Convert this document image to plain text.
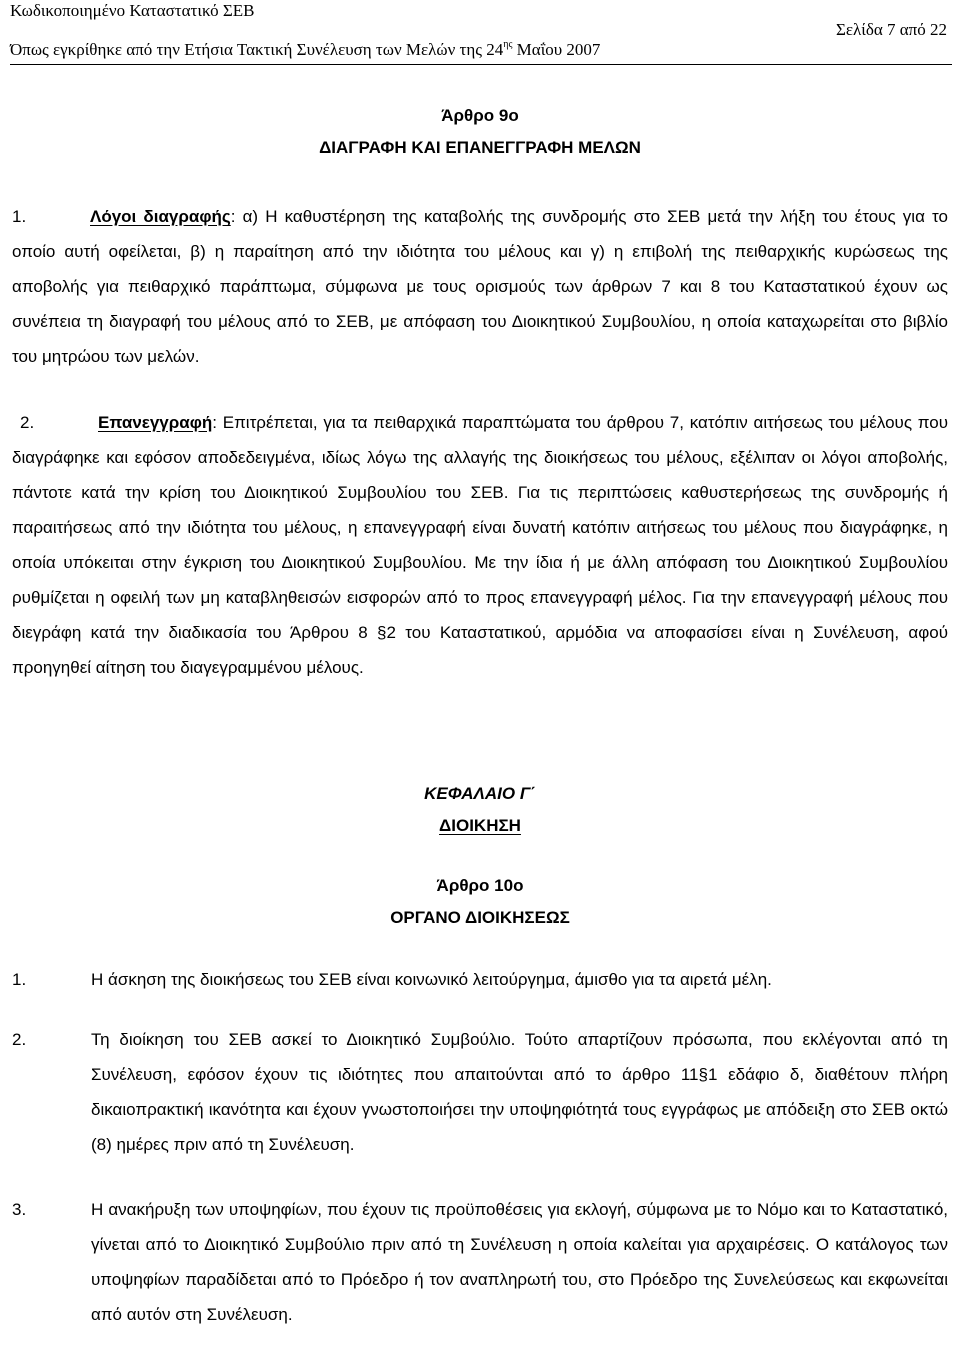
Κωδικοποιημένο Καταστατικό ΣΕΒ
Σελίδα 7 από 22
Όπως εγκρίθηκε από την Ετήσια Τακτική Συνέλευση των Μελών της $24^{\eta\varsigma}$ Μαΐου 2007
Άρθρο 9ο
ΔΙΑΓΡΑΦΗ ΚΑΙ ΕΠΑΝΕΓΓΡΑΦΗ ΜΕΛΩΝ
1.	Λόγοι διαγραφής: α) Η καθυστέρηση της καταβολής της συνδρομής στο ΣΕΒ μετά την λήξη του έτους για το οποίο αυτή οφείλεται, β) η παραίτηση από την ιδιότητα του μέλους και γ) η επιβολή της πειθαρχικής κυρώσεως της αποβολής για πειθαρχικό παράπτωμα, σύμφωνα με τους ορισμούς των άρθρων 7 και 8 του Καταστατικού έχουν ως συνέπεια τη διαγραφή του μέλους από το ΣΕΒ, με απόφαση του Διοικητικού Συμβουλίου, η οποία καταχωρείται στο βιβλίο του μητρώου των μελών.
2.	Επανεγγραφή: Επιτρέπεται, για τα πειθαρχικά παραπτώματα του άρθρου 7, κατόπιν αιτήσεως του μέλους που διαγράφηκε και εφόσον αποδεδειγμένα, ιδίως λόγω της αλλαγής της διοικήσεως του μέλους, εξέλιπαν οι λόγοι αποβολής, πάντοτε κατά την κρίση του Διοικητικού Συμβουλίου του ΣΕΒ. Για τις περιπτώσεις καθυστερήσεως της συνδρομής ή παραιτήσεως από την ιδιότητα του μέλους, η επανεγγραφή είναι δυνατή κατόπιν αιτήσεως του μέλους που διαγράφηκε, η οποία υπόκειται στην έγκριση του Διοικητικού Συμβουλίου. Με την ίδια ή με άλλη απόφαση του Διοικητικού Συμβουλίου ρυθμίζεται η οφειλή των μη καταβληθεισών εισφορών από το προς επανεγγραφή μέλος. Για την επανεγγραφή μέλους που διεγράφη κατά την διαδικασία του Άρθρου 8 §2 του Καταστατικού, αρμόδια να αποφασίσει είναι η Συνέλευση, αφού προηγηθεί αίτηση του διαγεγραμμένου μέλους.
ΚΕΦΑΛΑΙΟ Γ΄
ΔΙΟΙΚΗΣΗ
Άρθρο 10ο
ΟΡΓΑΝΟ ΔΙΟΙΚΗΣΕΩΣ
1.	Η άσκηση της διοικήσεως του ΣΕΒ είναι κοινωνικό λειτούργημα, άμισθο για τα αιρετά μέλη.
2.	Τη διοίκηση του ΣΕΒ ασκεί το Διοικητικό Συμβούλιο. Τούτο απαρτίζουν πρόσωπα, που εκλέγονται από τη Συνέλευση, εφόσον έχουν τις ιδιότητες που απαιτούνται από το άρθρο 11§1 εδάφιο δ, διαθέτουν πλήρη δικαιοπρακτική ικανότητα και έχουν γνωστοποιήσει την υποψηφιότητά τους εγγράφως με απόδειξη στο ΣΕΒ οκτώ (8) ημέρες πριν από τη Συνέλευση.
3.	Η ανακήρυξη των υποψηφίων, που έχουν τις προϋποθέσεις για εκλογή, σύμφωνα με το Νόμο και το Καταστατικό, γίνεται από το Διοικητικό Συμβούλιο πριν από τη Συνέλευση η οποία καλείται για αρχαιρέσεις. Ο κατάλογος των υποψηφίων παραδίδεται από το Πρόεδρο ή τον αναπληρωτή του, στο Πρόεδρο της Συνελεύσεως και εκφωνείται από αυτόν στη Συνέλευση.
